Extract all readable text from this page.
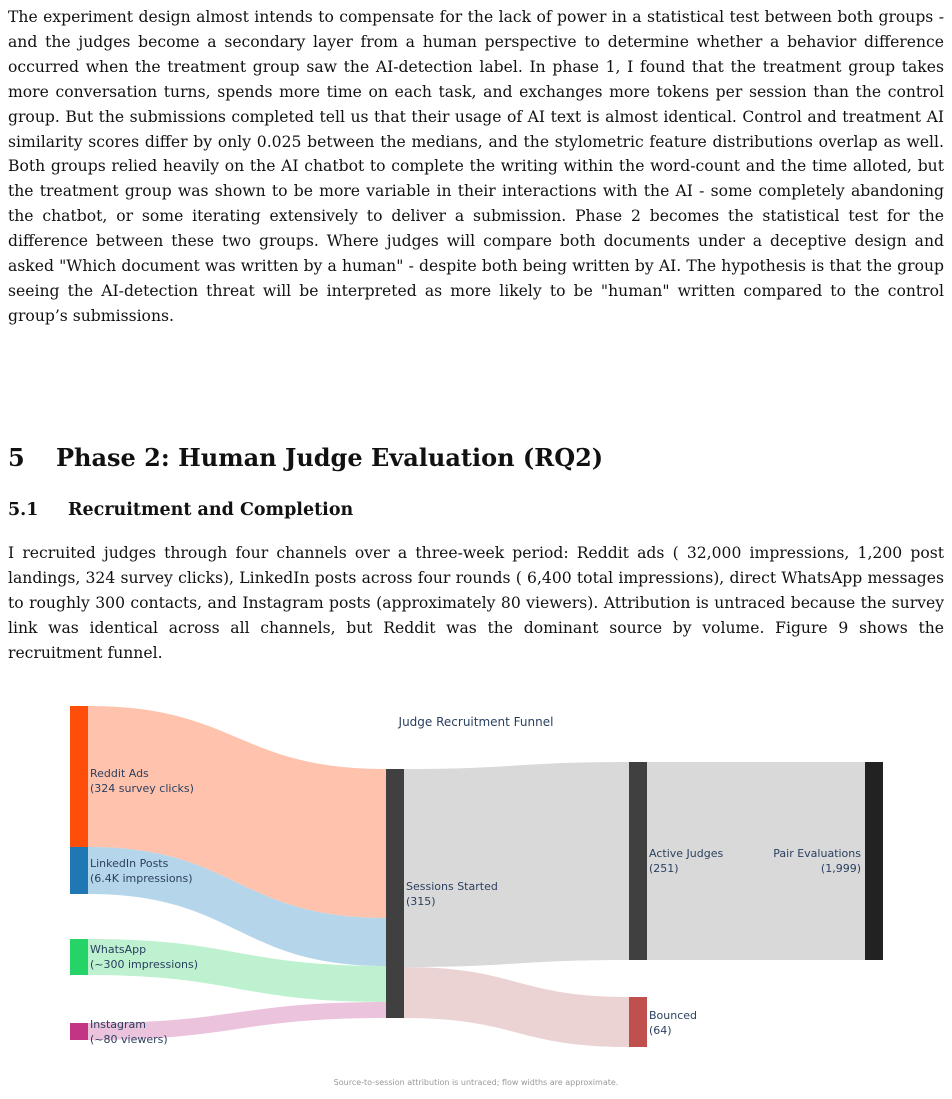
The experiment design almost intends to compensate for the lack of power in a statistical test between both groups - and the judges become a secondary layer from a human perspective to determine whether a behavior difference occurred when the treatment group saw the AI-detection label. In phase 1, I found that the treatment group takes more conversation turns, spends more time on each task, and exchanges more tokens per session than the control group. But the submissions completed tell us that their usage of AI text is almost identical. Control and treatment AI similarity scores differ by only 0.025 between the medians, and the stylometric feature distributions overlap as well. Both groups relied heavily on the AI chatbot to complete the writing within the word-count and the time alloted, but the treatment group was shown to be more variable in their interactions with the AI - some completely abandoning the chatbot, or some iterating extensively to deliver a submission. Phase 2 becomes the statistical test for the difference between these two groups. Where judges will compare both documents under a deceptive design and asked "Which document was written by a human" - despite both being written by AI. The hypothesis is that the group seeing the AI-detection threat will be interpreted as more likely to be "human" written compared to the control group’s submissions.

5 Phase 2: Human Judge Evaluation (RQ2)
5.1 Recruitment and Completion

I recruited judges through four channels over a three-week period: Reddit ads ( 32,000 impressions, 1,200 post landings, 324 survey clicks), LinkedIn posts across four rounds ( 6,400 total impressions), direct WhatsApp messages to roughly 300 contacts, and Instagram posts (approximately 80 viewers). Attribution is untraced because the survey link was identical across all channels, but Reddit was the dominant source by volume. Figure 9 shows the recruitment funnel.

Judge Recruitment Funnel
Reddit Ads
(324 survey clicks)
LinkedIn Posts
(6.4K impressions)
WhatsApp
(~300 impressions)
Instagram
(~80 viewers)
Sessions Started
(315)
Active Judges
(251)
Bounced
(64)
Pair Evaluations
(1,999)
Source-to-session attribution is untraced; flow widths are approximate.
